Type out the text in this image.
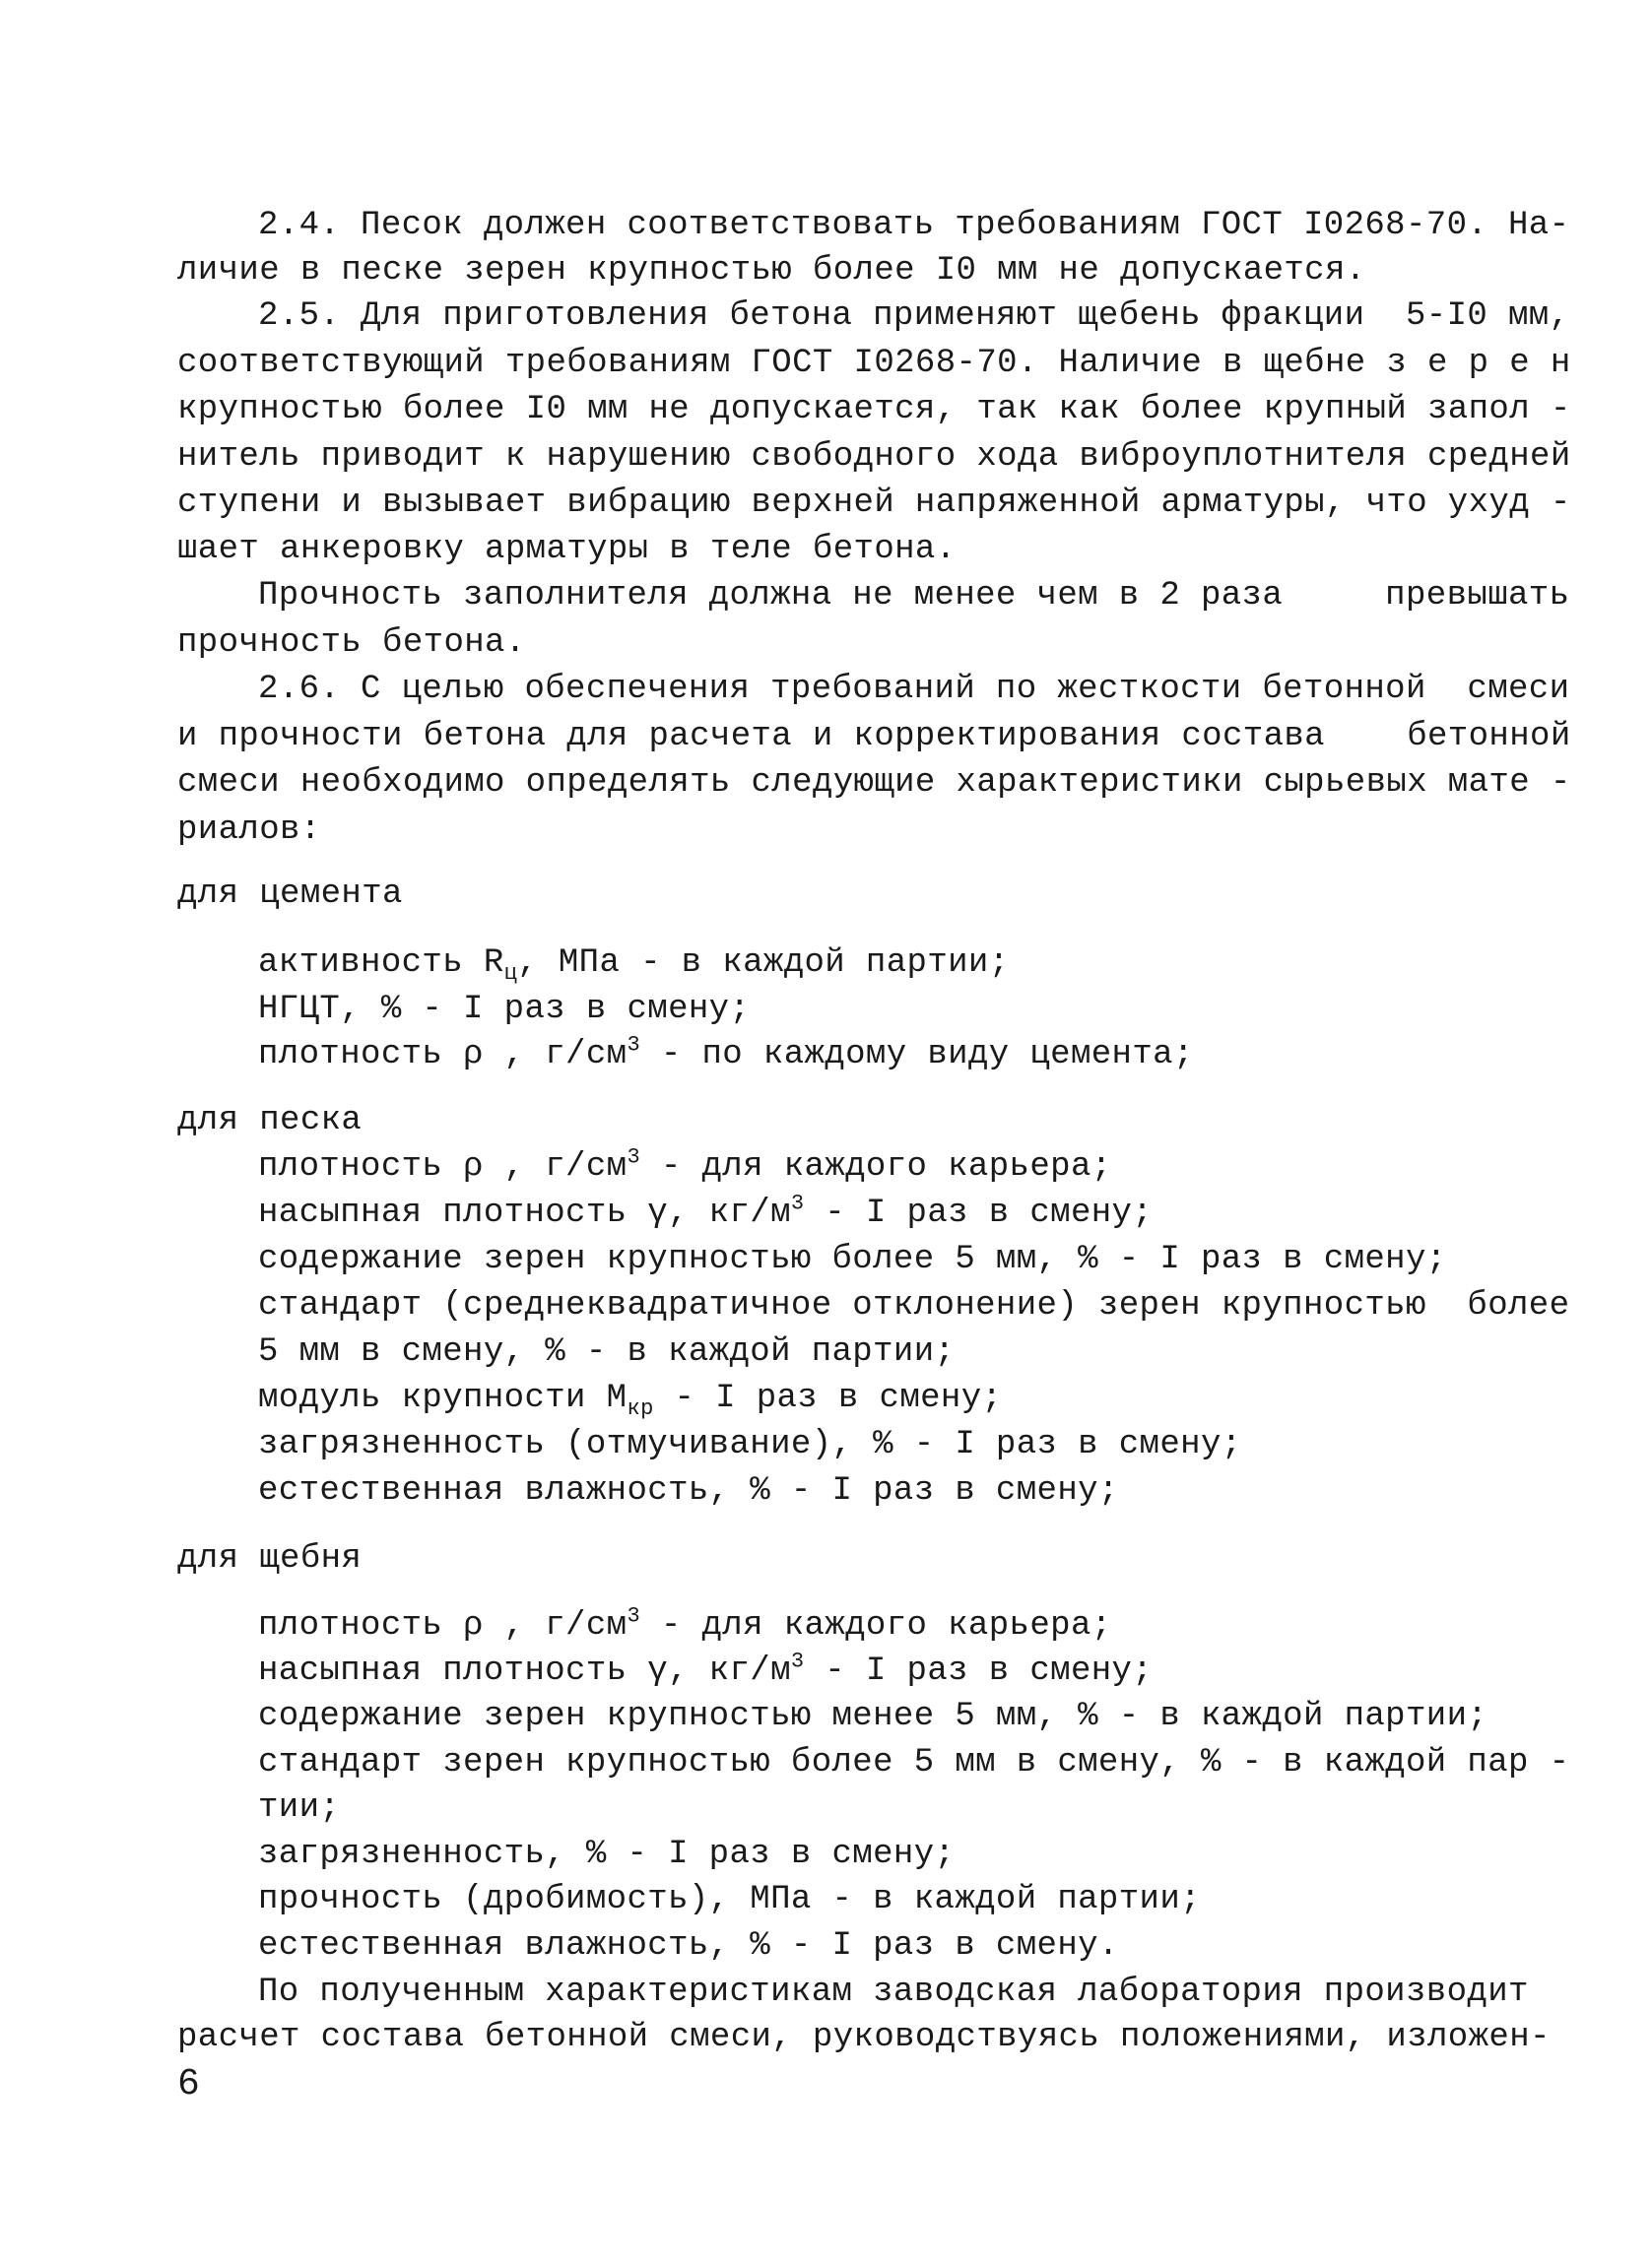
2.4. Песок должен соответствовать требованиям ГОСТ I0268-70. На-
личие в песке зерен крупностью более I0 мм не допускается.
2.5. Для приготовления бетона применяют щебень фракции  5-I0 мм,
соответствующий требованиям ГОСТ I0268-70. Наличие в щебне з е р е н
крупностью более I0 мм не допускается, так как более крупный запол -
нитель приводит к нарушению свободного хода виброуплотнителя средней
ступени и вызывает вибрацию верхней напряженной арматуры, что ухуд -
шает анкеровку арматуры в теле бетона.
Прочность заполнителя должна не менее чем в 2 раза     превышать
прочность бетона.
2.6. С целью обеспечения требований по жесткости бетонной  смеси
и прочности бетона для расчета и корректирования состава    бетонной
смеси необходимо определять следующие характеристики сырьевых мате -
риалов:
для цемента
активность $R_ц$, МПа - в каждой партии;
НГЦТ, % - I раз в смену;
плотность ρ , $г/см^3$ - по каждому виду цемента;
для песка
плотность ρ , $г/см^3$ - для каждого карьера;
насыпная плотность γ, $кг/м^3$ - I раз в смену;
содержание зерен крупностью более 5 мм, % - I раз в смену;
стандарт (среднеквадратичное отклонение) зерен крупностью  более
5 мм в смену, % - в каждой партии;
модуль крупности $М_{кр}$ - I раз в смену;
загрязненность (отмучивание), % - I раз в смену;
естественная влажность, % - I раз в смену;
для щебня
плотность ρ , $г/см^3$ - для каждого карьера;
насыпная плотность γ, $кг/м^3$ - I раз в смену;
содержание зерен крупностью менее 5 мм, % - в каждой партии;
стандарт зерен крупностью более 5 мм в смену, % - в каждой пар -
тии;
загрязненность, % - I раз в смену;
прочность (дробимость), МПа - в каждой партии;
естественная влажность, % - I раз в смену.
По полученным характеристикам заводская лаборатория производит
расчет состава бетонной смеси, руководствуясь положениями, изложен-
6
